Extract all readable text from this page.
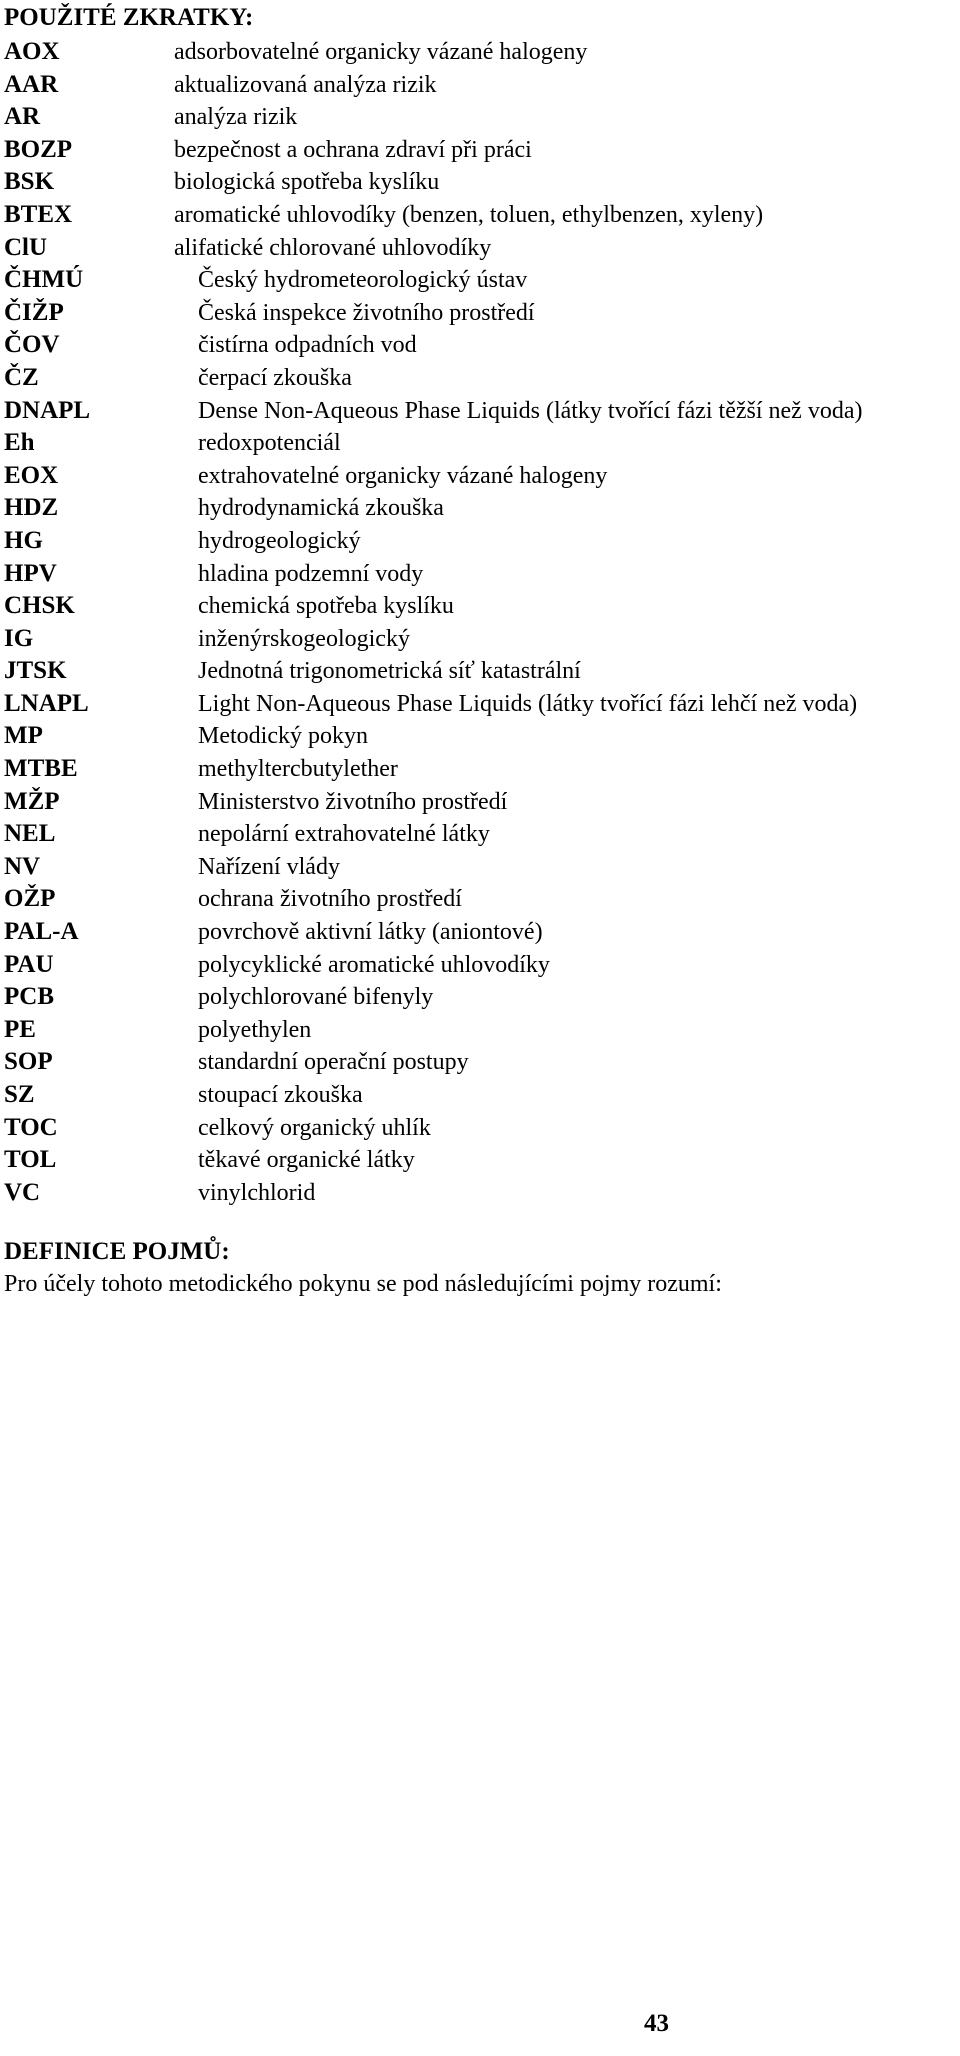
POUŽITÉ ZKRATKY:
AOX	adsorbovatelné organicky vázané halogeny
AAR	aktualizovaná analýza rizik
AR	analýza rizik
BOZP	bezpečnost a ochrana zdraví při práci
BSK	biologická spotřeba kyslíku
BTEX	aromatické uhlovodíky (benzen, toluen, ethylbenzen, xyleny)
ClU	alifatické chlorované uhlovodíky
ČHMÚ	Český hydrometeorologický ústav
ČIŽP	Česká inspekce životního prostředí
ČOV	čistírna odpadních vod
ČZ	čerpací zkouška
DNAPL	Dense Non-Aqueous Phase Liquids (látky tvořící fázi těžší než voda)
Eh	redoxpotenciál
EOX	extrahovatelné organicky vázané halogeny
HDZ	hydrodynamická zkouška
HG	hydrogeologický
HPV	hladina podzemní vody
CHSK	chemická spotřeba kyslíku
IG	inženýrskogeologický
JTSK	Jednotná trigonometrická síť katastrální
LNAPL	Light Non-Aqueous Phase Liquids (látky tvořící fázi lehčí než voda)
MP	Metodický pokyn
MTBE	methyltercbutylether
MŽP	Ministerstvo životního prostředí
NEL	nepolární extrahovatelné látky
NV	Nařízení vlády
OŽP	ochrana životního prostředí
PAL-A	povrchově aktivní látky (aniontové)
PAU	polycyklické aromatické uhlovodíky
PCB	polychlorované bifenyly
PE	polyethylen
SOP	standardní operační postupy
SZ	stoupací zkouška
TOC	celkový organický uhlík
TOL	těkavé organické látky
VC	vinylchlorid
DEFINICE POJMŮ:
Pro účely tohoto metodického pokynu se pod následujícími pojmy rozumí:
43
